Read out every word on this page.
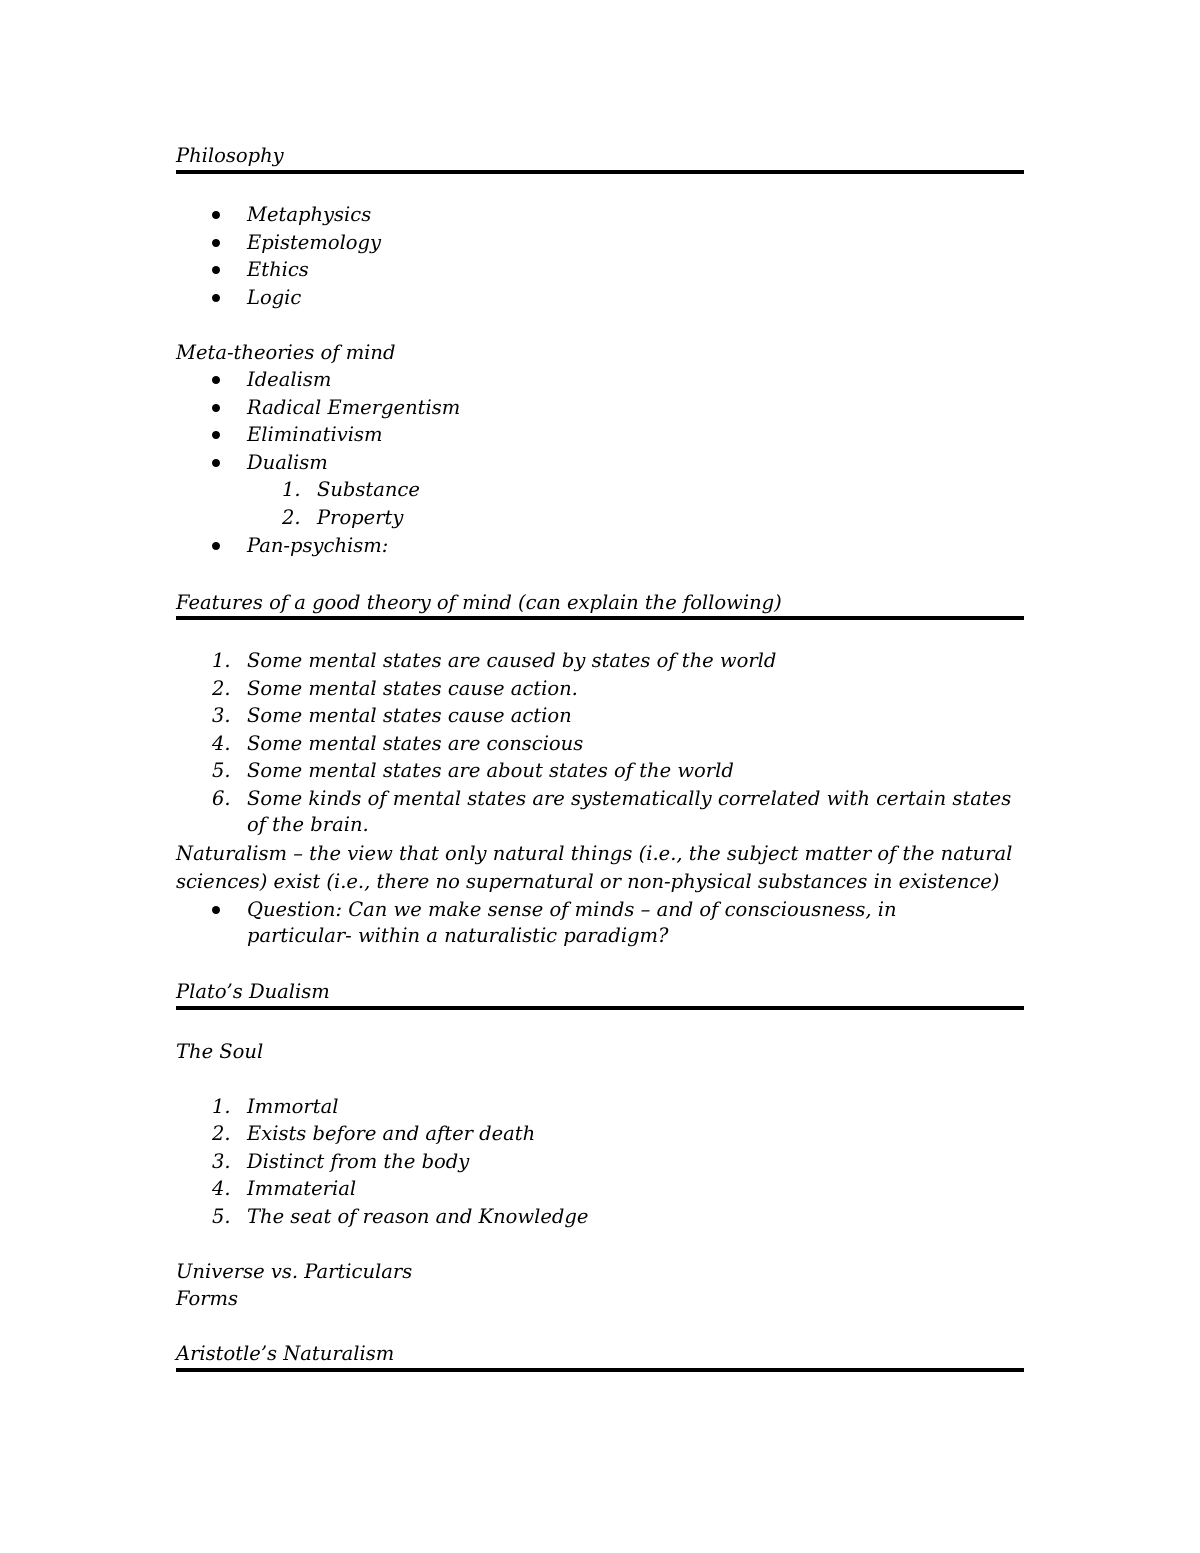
Philosophy
Metaphysics
Epistemology
Ethics
Logic
Meta-theories of mind
Idealism
Radical Emergentism
Eliminativism
Dualism
1. Substance
2. Property
Pan-psychism:
Features of a good theory of mind (can explain the following)
1. Some mental states are caused by states of the world
2. Some mental states cause action.
3. Some mental states cause action
4. Some mental states are conscious
5. Some mental states are about states of the world
6. Some kinds of mental states are systematically correlated with certain states of the brain.
Naturalism – the view that only natural things (i.e., the subject matter of the natural
sciences) exist (i.e., there no supernatural or non-physical substances in existence)
Question: Can we make sense of minds – and of consciousness, in particular- within a naturalistic paradigm?
Plato’s Dualism
The Soul
1. Immortal
2. Exists before and after death
3. Distinct from the body
4. Immaterial
5. The seat of reason and Knowledge
Universe vs. Particulars
Forms
Aristotle’s Naturalism
